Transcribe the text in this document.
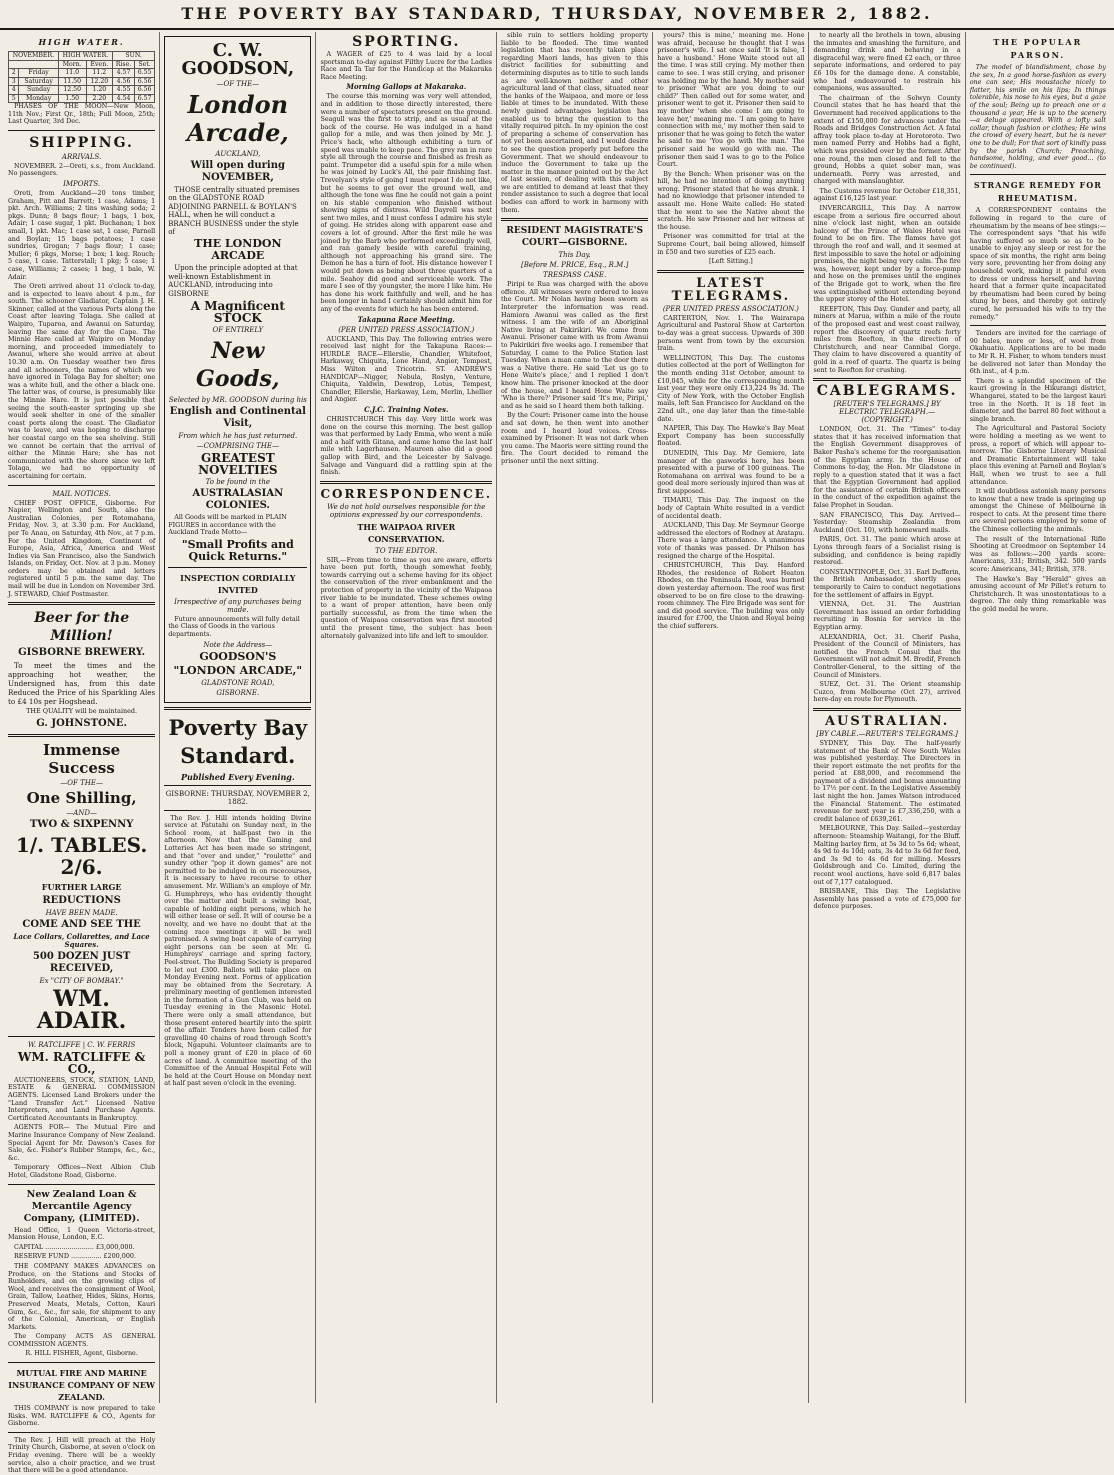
THE POVERTY BAY STANDARD, THURSDAY, NOVEMBER 2, 1882.
HIGH WATER.
NOVEMBER.		HIGH WATER.		SUN.	
		Morn.	Even.	Rise.	Set.
2	Friday	11.0	11.2	4.57	6.55
3	Saturday	11.50	12.20	4.56	6.56
4	Sunday	12.50	1.20	4.55	6.56
5	Monday	1.50	2.20	4.54	6.57

PHASES OF THE MOON—New Moon, 11th Nov.; First Qr., 18th; Full Moon, 25th; Last Quarter, 3rd Dec.

SHIPPING.
ARRIVALS.

NOVEMBER. 2—Oreti, s.s., from Auckland. No passengers.

IMPORTS.

Oreti, from Auckland—20 tons timber, Graham, Pitt and Barrett; 1 case, Adams; 1 pkt. Arch. Williams; 2 tins washing soda; 2 pkgs. Dunn; 8 bags flour; 1 bags, 1 box, Adair; 1 case sugar, 1 pkt. Buchanan; 1 box small, 1 pkt. Mac; 1 case sat, 1 case, Parnell and Boylan; 15 bags potatoes; 1 case sundries, Grogan; 7 bags flour; 1 case; Muller; 6 pkgs, Morse; 1 box; 1 keg. Rouch; 5 case, 1 case. Tatterstall; 1 pkg; 5 case; 1 case, Williams; 2 cases; 1 bag, 1 bale, W. Adair.

The Oreti arrived about 11 o'clock to-day, and is expected to leave about 4 p.m., for south. The schooner Gladiator, Captain J. H. Skinner, called at the various Ports along the Coast after leaving Tolaga. She called at Waipiro, Tuparoa, and Awanui on Saturday, leaving the same day for the Cape. The Minnie Hare called at Waipiro on Monday morning, and proceeded immediately to Awanui, where she would arrive at about 10.30 a.m. On Tuesday weather two fires and all schooners, the names of which we have ignored in Tolaga Bay for shelter; one was a white hull, and the other a black one. The latter was, of course, is presumably like the Minnie Hare. It is just possible that seeing the south-easter springing up she would seek shelter in one of the smaller coast ports along the coast. The Gladiator was to leave, and was hoping to discharge her coastal cargo on the sea shelving. Still we cannot be certain that the arrival of either the Minnie Hare; she has not communicated with the shore since we left Tolaga, we had no opportunity of ascertaining for certain.

MAIL NOTICES.

CHIEF POST OFFICE, Gisborne. For Napier, Wellington and South, also the Australian Colonies, per Rotomahana, Friday, Nov. 3, at 3.30 p.m. For Auckland, per Te Anau, on Saturday, 4th Nov., at 7 p.m. For the United Kingdom, Continent of Europe, Asia, Africa, America and West Indies via San Francisco, also the Sandwich Islands, on Friday, Oct. Nov. at 3 p.m. Money orders may be obtained and letters registered until 5 p.m. the same day. The mail will be due in London on November 3rd. J. STEWARD, Chief Postmaster.

Beer for the Million!
GISBORNE BREWERY.

To meet the times and the approaching hot weather, the Undersigned has, from this date Reduced the Price of his Sparkling Ales to £4 10s per Hogshead.

THE QUALITY will be maintained.

G. JOHNSTONE.
Immense Success
—OF THE—
One Shilling,
—AND—
TWO & SIXPENNY
1/. TABLES. 2/6.
FURTHER LARGE
REDUCTIONS
HAVE BEEN MADE.
COME AND SEE THE
Lace Collars, Collarettes, and Lace Squares.
500 DOZEN JUST RECEIVED,
Ex "CITY OF BOMBAY."
WM. ADAIR.
W. RATCLIFFE | C. W. FERRIS
WM. RATCLIFFE & CO.,

AUCTIONEERS, STOCK, STATION, LAND, ESTATE & GENERAL COMMISSION AGENTS. Licensed Land Brokers under the "Land Transfer Act." Licensed Native Interpreters, and Land Purchase Agents. Certificated Accountants in Bankruptcy.

AGENTS FOR— The Mutual Fire and Marine Insurance Company of New Zealand. Special Agent for Mr. Dawson's Cases for Sale, &c. Fisher's Rubber Stamps, &c., &c., &c.

Temporary Offices—Next Albion Club Hotel, Gladstone Road, Gisborne.

New Zealand Loan & Mercantile Agency Company, (LIMITED).

Head Office, 1 Queen Victoria-street, Mansion House, London, E.C.

CAPITAL ........................ £3,000,000.

RESERVE FUND ............... £200,000.

THE COMPANY MAKES ADVANCES on Produce, on the Stations and Stocks of Runholders, and on the growing clips of Wool, and receives the consignment of Wool, Grain, Tallow, Leather, Hides, Skins, Horns, Preserved Meats, Metals, Cotton, Kauri Gum, &c., &c., for sale, for shipment to any of the Colonial, American, or English Markets.

The Company ACTS AS GENERAL COMMISSION AGENTS.

R. HILL FISHER, Agent, Gisborne.

MUTUAL FIRE AND MARINE INSURANCE COMPANY OF NEW ZEALAND.

THIS COMPANY is now prepared to take Risks. WM. RATCLIFFE & CO., Agents for Gisborne.

The Rev. J. Hill will preach at the Holy Trinity Church, Gisborne, at seven o'clock on Friday evening. There will be a weekly service, also a choir practice, and we trust that there will be a good attendance.

C. W. GOODSON,
—OF THE—
London Arcade,
AUCKLAND,
Will open during NOVEMBER,

THOSE centrally situated premises on the GLADSTONE ROAD ADJOINING PARNELL & BOYLAN'S HALL, when he will conduct a BRANCH BUSINESS under the style of

THE LONDON ARCADE

Upon the principle adopted at that well-known Establishment in AUCKLAND, introducing into GISBORNE

A Magnificent STOCK
OF ENTIRELY
New Goods,
Selected by MR. GOODSON during his
English and Continental Visit,
From which he has just returned.
—COMPRISING THE—
GREATEST NOVELTIES
To be found in the
AUSTRALASIAN COLONIES.

All Goods will be marked in PLAIN FIGURES in accordance with the Auckland Trade Motto—

"Small Profits and Quick Returns."
INSPECTION CORDIALLY INVITED
Irrespective of any purchases being made.

Future announcements will fully detail the Class of Goods in the various departments.

Note the Address—
GOODSON'S
"LONDON ARCADE,"
GLADSTONE ROAD,
GISBORNE.
Poverty Bay Standard.
Published Every Evening.
GISBORNE: THURSDAY, NOVEMBER 2, 1882.

The Rev. J. Hill intends holding Divine service at Patutahi on Sunday next, in the School room, at half-past two in the afternoon. Now that the Gaming and Lotteries Act has been made so stringent, and that "over and under," "roulette" and sundry other "pop it down games" are not permitted to be indulged in on racecourses, it is necessary to have recourse to other amusement. Mr. William's an employe of Mr. G. Humphreys, who has evidently thought over the matter and built a swing boat, capable of holding eight persons, which he will either lease or sell. It will of course be a novelty, and we have no doubt that at the coming race meetings it will be well patronised. A swing boat capable of carrying eight persons can be seen at Mr. G. Humphreys' carriage and spring factory, Peel-street. The Building Society is prepared to let out £300. Ballots will take place on Monday Evening next. Forms of application may be obtained from the Secretary. A preliminary meeting of gentlemen interested in the formation of a Gun Club, was held on Tuesday evening in the Masonic Hotel. There were only a small attendance, but those present entered heartily into the spirit of the affair. Tenders have been called for gravelling 40 chains of road through Scott's block, Ngapuhi. Volunteer claimants are to poll a money grant of £20 in place of 60 acres of land. A committee meeting of the Committee of the Annual Hospital Fete will be held at the Court House on Monday next at half past seven o'clock in the evening.

SPORTING.

A WAGER of £25 to 4 was laid by a local sportsman to-day against Filthy Lucre for the Ladies Race and Ta Tar for the Handicap at the Makaraka Race Meeting.

Morning Gallops at Makaraka.

The course this morning was very well attended, and in addition to those directly interested, there were a number of spectators present on the ground. Seagull was the first to strip, and as usual at the back of the course. He was indulged in a hand gallop for a mile, and was then joined by Mr. J. Price's hack, who although exhibiting a turn of speed was unable to keep pace. The grey ran in rare style all through the course and finished as fresh as paint. Trumpeter did a useful spin for a mile when he was joined by Luck's All, the pair finishing fast. Trevelyan's style of going I must repeat I do not like, but he seems to get over the ground well, and although the tone was fine he could not gain a point on his stable companion who finished without showing signs of distress. Wild Dayrell was next sent two miles, and I must confess I admire his style of going. He strides along with apparent ease and covers a lot of ground. After the first mile he was joined by the Barb who performed exceedingly well, and ran gamely beside with careful training, although not approaching his grand sire. The Demon he has a turn of foot. His distance however I would put down as being about three quarters of a mile. Seahoy did good and serviceable work. The mare I see of thy youngster, the more I like him. He has done his work faithfully and well, and he has been longer in hand I certainly should admit him for any of the events for which he has been entered.

Takapuna Race Meeting.
(PER UNITED PRESS ASSOCIATION.)

AUCKLAND, This Day. The following entries were received last night for the Takapuna Races:— HURDLE RACE—Ellerslie, Chandler, Whitefoot, Harkaway, Chiquita, Lone Hand, Angier, Tempest, Miss Wilton and Tricotrin. ST. ANDREW'S HANDICAP—Nigger, Nebula, Roslyn, Venture, Chiquita, Yaldwin, Dewdrop, Lotus, Tempest, Chandler, Ellerslie, Harkaway, Lem, Merlin, Lhellier and Angier.

C.J.C. Training Notes.

CHRISTCHURCH This day. Very little work was done on the course this morning. The best gallop was that performed by Lady Emma, who went a mile and a half with Gitana, and came home the last half mile with Lagerhausen. Maureen also did a good gallop with Bird, and the Leicester by Salvage. Salvage and Vanguard did a rattling spin at the finish.

CORRESPONDENCE.
We do not hold ourselves responsible for the opinions expressed by our correspondents.
THE WAIPAOA RIVER CONSERVATION.
TO THE EDITOR.

SIR,—From time to time as you are aware, efforts have been put forth, though somewhat feebly, towards carrying out a scheme having for its object the conservation of the river embankment and the protection of property in the vicinity of the Waipaoa river liable to be inundated. These schemes owing to a want of proper attention, have been only partially successful, as from the time when the question of Waipaoa conservation was first mooted until the present time, the subject has been alternately galvanized into life and left to smoulder.

sible ruin to settlers holding property liable to be flooded. The time wanted legislation that has recently taken place regarding Maori lands, has given to this district facilities for submitting and determining disputes as to title to such lands as are well-known neither and other agricultural land of that class, situated near the banks of the Waipaoa, and more or less liable at times to be inundated. With these newly gained advantages legislation has enabled us to bring the question to the vitally required pitch. In my opinion the cost of preparing a scheme of conservation has not yet been ascertained, and I would desire to see the question properly put before the Government. That we should endeavour to induce the Government to take up the matter in the manner pointed out by the Act of last session, of dealing with this subject we are entitled to demand at least that they render assistance to such a degree that local bodies can afford to work in harmony with them.

RESIDENT MAGISTRATE'S COURT—GISBORNE.
This Day.
[Before M. PRICE, Esq., R.M.]
TRESPASS CASE.

Piripi te Rua was charged with the above offence. All witnesses were ordered to leave the Court. Mr Nolan having been sworn as Interpreter the information was read. Hamiora Awanui was called as the first witness. I am the wife of an Aboriginal Native living at Pakirikiri. We came from Awanui. Prisoner came with us from Awanui to Pakirikiri five weeks ago. I remember that Saturday, I came to the Police Station last Tuesday. When a man came to the door there was a Native there. He said 'Let us go to Hone Waite's place,' and I replied I don't know him. The prisoner knocked at the door of the house, and I heard Hone Waite say 'Who is there?' Prisoner said 'It's me, Piripi,' and as he said so I heard them both talking.

By the Court: Prisoner came into the house and sat down, he then went into another room and I heard loud voices. Cross-examined by Prisoner: It was not dark when you came. The Maoris were sitting round the fire. The Court decided to remand the prisoner until the next sitting.

yours? this is mine,' meaning me. Hone was afraid, because he thought that I was prisoner's wife. I sat once said 'It is false, I have a husband.' Hone Waite stood out all the time. I was still crying. My mother then came to see. I was still crying, and prisoner was holding me by the hand. My mother said to prisoner 'What are you doing to our child?' Then called out for some water, and prisoner went to get it. Prisoner then said to my mother 'when she come I am going to leave her,' meaning me. 'I am going to have connection with me,' my mother then said to prisoner that he was going to fetch the water he said to me 'You go with the man.' The prisoner said he would go with me. The prisoner then said I was to go to the Police Court.

By the Bench: When prisoner was on the hill, he had no intention of doing anything wrong. Prisoner stated that he was drunk. I had no knowledge that prisoner intended to assault me. Hone Waite called: He stated that he went to see the Native about the scratch. He saw Prisoner and her witness at the house.

Prisoner was committed for trial at the Supreme Court, bail being allowed, himself in £50 and two sureties of £25 each.

[Left Sitting.]

LATEST TELEGRAMS.
(PER UNITED PRESS ASSOCIATION.)

CARTERTON, Nov. 1. The Wairarapa Agricultural and Pastoral Show at Carterton to-day was a great success. Upwards of 300 persons went from town by the excursion train.

WELLINGTON, This Day. The customs duties collected at the port of Wellington for the month ending 31st October, amount to £10,045, while for the corresponding month last year they were only £13,224 9s 3d. The City of New York, with the October English mails, left San Francisco for Auckland on the 22nd ult., one day later than the time-table date.

NAPIER, This Day. The Hawke's Bay Meat Export Company has been successfully floated.

DUNEDIN, This Day. Mr Gemiere, late manager of the gasworks here, has been presented with a purse of 100 guineas. The Rotomahana on arrival was found to be a good deal more seriously injured than was at first supposed.

TIMARU, This Day. The inquest on the body of Captain White resulted in a verdict of accidental death.

AUCKLAND, This Day. Mr Seymour George addressed the electors of Rodney at Aratapu. There was a large attendance. A unanimous vote of thanks was passed. Dr Philson has resigned the charge of the Hospital.

CHRISTCHURCH, This Day. Hanford Rhodes, the residence of Robert Heaton Rhodes, on the Peninsula Road, was burned down yesterday afternoon. The roof was first observed to be on fire close to the drawing-room chimney. The Fire Brigade was sent for and did good service. The building was only insured for £700, the Union and Royal being the chief sufferers.

to nearly all the brothels in town, abusing the inmates and smashing the furniture, and demanding drink and behaving in a disgraceful way, were fined £2 each, or three separate informations, and ordered to pay £6 10s for the damage done. A constable, who had endeavoured to restrain his companions, was assaulted.

The chairman of the Selwyn County Council states that he has heard that the Government had received applications to the extent of £150,000 for advances under the Roads and Bridges Construction Act. A fatal affray took place to-day at Horotoroto. Two men named Perry and Hobbs had a fight, which was presided over by the former. After one round, the men closed and fell to the ground, Hobbs a quiet sober man, was underneath. Perry was arrested, and charged with manslaughter.

The Customs revenue for October £18,351, against £16,125 last year.

INVERCARGILL, This Day. A narrow escape from a serious fire occurred about nine o'clock last night, when an outside balcony of the Prince of Wales Hotel was found to be on fire. The flames have got through the roof and wall, and it seemed at first impossible to save the hotel or adjoining premises, the night being very calm. The fire was, however, kept under by a force-pump and hose on the premises until the engines of the Brigade got to work, when the fire was extinguished without extending beyond the upper storey of the Hotel.

REEFTON, This Day. Gunder and party, all miners at Marua, within a mile of the route of the proposed east and west coast railway, report the discovery of quartz reefs forty miles from Reefton, in the direction of Christchurch, and near Cannibal Gorge. They claim to have discovered a quantity of gold in a reef of quartz. The quartz is being sent to Reefton for crushing.

CABLEGRAMS.
[REUTER'S TELEGRAMS.] BY ELECTRIC TELEGRAPH.—(COPYRIGHT.)

LONDON, Oct. 31. The "Times" to-day states that it has received information that the English Government disapproves of Baker Pasha's scheme for the reorganisation of the Egyptian army. In the House of Commons to-day, the Hon. Mr Gladstone in reply to a question stated that it was a fact that the Egyptian Government had applied for the assistance of certain British officers in the conduct of the expedition against the false Prophet in Soudan.

SAN FRANCISCO, This Day. Arrived—Yesterday: Steamship Zealandia from Auckland (Oct. 10), with homeward mails.

PARIS, Oct. 31. The panic which arose at Lyons through fears of a Socialist rising is subsiding, and confidence is being rapidly restored.

CONSTANTINOPLE, Oct. 31. Earl Dufferin, the British Ambassador, shortly goes temporarily to Cairo to conduct negotiations for the settlement of affairs in Egypt.

VIENNA, Oct. 31. The Austrian Government has issued an order forbidding recruiting in Bosnia for service in the Egyptian army.

ALEXANDRIA, Oct. 31. Cherif Pasha, President of the Council of Ministers, has notified the French Consul that the Government will not admit M. Bredif, French Controller-General, to the sitting of the Council of Ministers.

SUEZ, Oct. 31. The Orient steamship Cuzco, from Melbourne (Oct 27), arrived here-day en route for Plymouth.

AUSTRALIAN.
[BY CABLE.—REUTER'S TELEGRAMS.]

SYDNEY, This Day. The half-yearly statement of the Bank of New South Wales was published yesterday. The Directors in their report estimate the net profits for the period at £88,000, and recommend the payment of a dividend and bonus amounting to 17½ per cent. In the Legislative Assembly last night the hon. James Watson introduced the Financial Statement. The estimated revenue for next year is £7,336,250, with a credit balance of £639,261.

MELBOURNE, This Day. Sailed—yesterday afternoon: Steamship Waitangi, for the Bluff. Malting barley firm, at 5s 3d to 5s 6d; wheat, 4s 9d to 4s 10d; oats, 3s 4d to 3s 6d for feed, and 3s 9d to 4s 6d for milling. Messrs Goldsbrough and Co. Limited, during the recent wool auctions, have sold 6,817 bales out of 7,177 catalogued.

BRISBANE, This Day. The Legislative Assembly has passed a vote of £75,000 for defence purposes.

THE POPULAR PARSON.

The model of blandishment, chose by the sex, In a good horse-fashion as every one can see; His moustache nicely to flatter, his smile on his lips; In things tolerable, his nose to his eyes, but a gaze of the soul; Being up to preach one or a thousand a year, He is up to the scenery—a deluge appeared. With a lofty salt collar, though fashion or clothes; He wins the crowd of every heart, but he is never one to be dull; For that sort of kindly pass by the parish Church; Preaching, handsome, holding, and ever good... (to be continued).

STRANGE REMEDY FOR RHEUMATISM.

A CORRESPONDENT contains the following in regard to the cure of rheumatism by the means of bee stings:—The correspondent says "that his wife having suffered so much so as to be unable to enjoy any sleep or rest for the space of six months, the right arm being very sore, preventing her from doing any household work, making it painful even to dress or undress herself, and having heard that a former quite incapacitated by rheumatism had been cured by being stung by bees, and thereby got entirely cured, he persuaded his wife to try the remedy."

Tenders are invited for the carriage of 90 bales, more or less, of wool from Okahuatiu. Applications are to be made to Mr R. H. Fisher, to whom tenders must be delivered not later than Monday the 6th inst., at 4 p.m.

There is a splendid specimen of the kauri growing in the Hikurangi district, Whangarei, stated to be the largest kauri tree in the North. It is 18 feet in diameter, and the barrel 80 feet without a single branch.

The Agricultural and Pastoral Society were holding a meeting as we went to press, a report of which will appear to-morrow. The Gisborne Literary Musical and Dramatic Entertainment will take place this evening at Parnell and Boylan's Hall, when we trust to see a full attendance.

It will doubtless astonish many persons to know that a new trade is springing up amongst the Chinese of Melbourne in respect to cats. At the present time there are several persons employed by some of the Chinese collecting the animals.

The result of the International Rifle Shooting at Creedmoor on September 14 was as follows:—200 yards score: Americans, 331; British, 342. 500 yards score: Americans, 341; British, 378.

The Hawke's Bay "Herald" gives an amusing account of Mr Pillet's return to Christchurch. It was unostentatious to a degree. The only thing remarkable was the gold medal he wore.
